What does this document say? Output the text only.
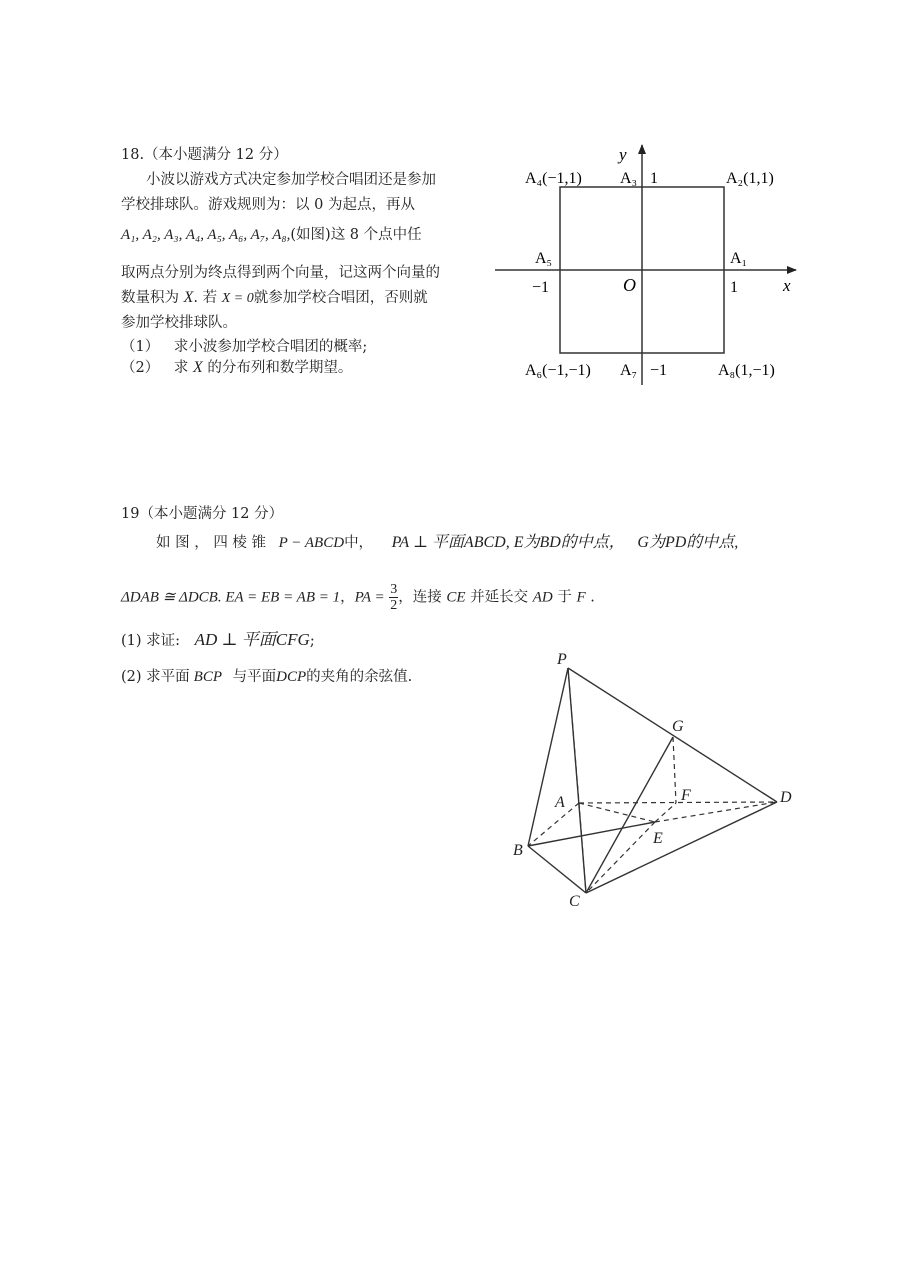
18.（本小题满分 12 分）
小波以游戏方式决定参加学校合唱团还是参加
学校排球队。游戏规则为：以 0 为起点，再从
A₁, A₂, A₃, A₄, A₅, A₆, A₇, A₈,(如图)这 8 个点中任
取两点分别为终点得到两个向量，记这两个向量的
数量积为 X. 若 X = 0就参加学校合唱团，否则就
参加学校排球队。
（1） 求小波参加学校合唱团的概率;
（2） 求 X 的分布列和数学期望。
y
x
O
A₄(−1,1) A₃ 1	A₂(1,1)
A₅	A₁
−1	1
A₆(−1,−1) A₇ −1	A₈(1,−1)
19（本小题满分 12 分）
如 图 ， 四 棱 锥 P − ABCD中， PA ⊥ 平面ABCD, E为BD的中点， G为PD的中点,
ΔDAB ≅ ΔDCB. EA = EB = AB = 1，PA = $\frac{3}{2}$ ，连接 CE 并延长交 AD 于 F .
(1) 求证: AD ⊥ 平面CFG;
(2) 求平面 BCP 与平面DCP的夹角的余弦值.
P
G
A	F	D
E
B
C
